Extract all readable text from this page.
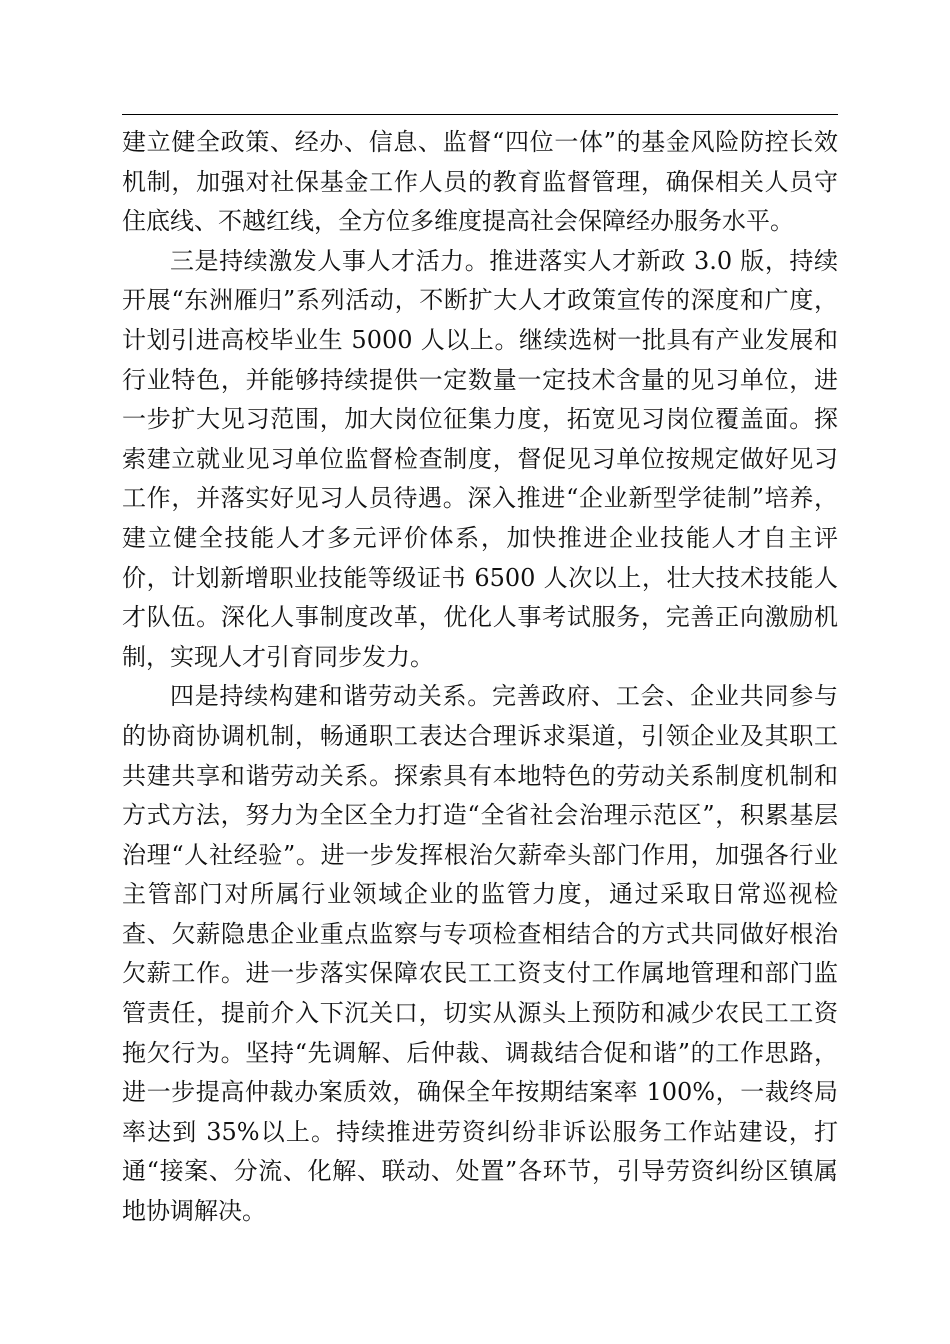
建立健全政策、经办、信息、监督“四位一体”的基金风险防控长效机制，加强对社保基金工作人员的教育监督管理，确保相关人员守住底线、不越红线，全方位多维度提高社会保障经办服务水平。

三是持续激发人事人才活力。推进落实人才新政 3.0 版，持续开展“东洲雁归”系列活动，不断扩大人才政策宣传的深度和广度，计划引进高校毕业生 5000 人以上。继续选树一批具有产业发展和行业特色，并能够持续提供一定数量一定技术含量的见习单位，进一步扩大见习范围，加大岗位征集力度，拓宽见习岗位覆盖面。探索建立就业见习单位监督检查制度，督促见习单位按规定做好见习工作，并落实好见习人员待遇。深入推进“企业新型学徒制”培养，建立健全技能人才多元评价体系，加快推进企业技能人才自主评价，计划新增职业技能等级证书 6500 人次以上，壮大技术技能人才队伍。深化人事制度改革，优化人事考试服务，完善正向激励机制，实现人才引育同步发力。

四是持续构建和谐劳动关系。完善政府、工会、企业共同参与的协商协调机制，畅通职工表达合理诉求渠道，引领企业及其职工共建共享和谐劳动关系。探索具有本地特色的劳动关系制度机制和方式方法，努力为全区全力打造“全省社会治理示范区”，积累基层治理“人社经验”。进一步发挥根治欠薪牵头部门作用，加强各行业主管部门对所属行业领域企业的监管力度，通过采取日常巡视检查、欠薪隐患企业重点监察与专项检查相结合的方式共同做好根治欠薪工作。进一步落实保障农民工工资支付工作属地管理和部门监管责任，提前介入下沉关口，切实从源头上预防和减少农民工工资拖欠行为。坚持“先调解、后仲裁、调裁结合促和谐”的工作思路，进一步提高仲裁办案质效，确保全年按期结案率 100%，一裁终局率达到 35%以上。持续推进劳资纠纷非诉讼服务工作站建设，打通“接案、分流、化解、联动、处置”各环节，引导劳资纠纷区镇属地协调解决。
